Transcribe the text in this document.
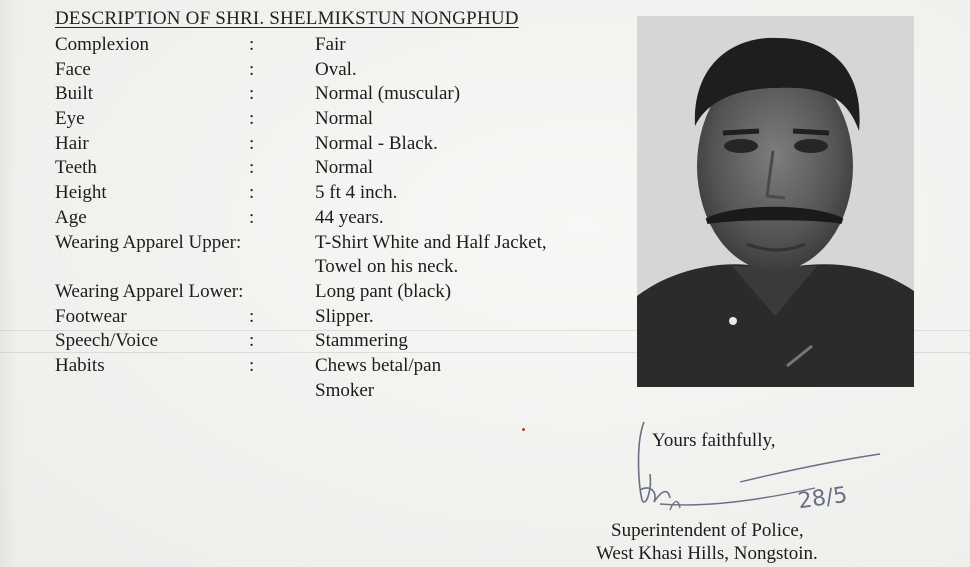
DESCRIPTION OF SHRI. SHELMIKSTUN NONGPHUD
Complexion	:	Fair
Face	:	Oval.
Built	:	Normal (muscular)
Eye	:	Normal
Hair	:	Normal - Black.
Teeth	:	Normal
Height	:	5 ft 4 inch.
Age	:	44 years.
Wearing Apparel Upper:	T-Shirt White and Half Jacket,
Towel on his neck.
Wearing Apparel Lower:	Long pant (black)
Footwear	:	Slipper.
Speech/Voice	:	Stammering
Habits	:	Chews betal/pan
Smoker
Yours faithfully,
28/5
Superintendent of Police,
West Khasi Hills, Nongstoin.
